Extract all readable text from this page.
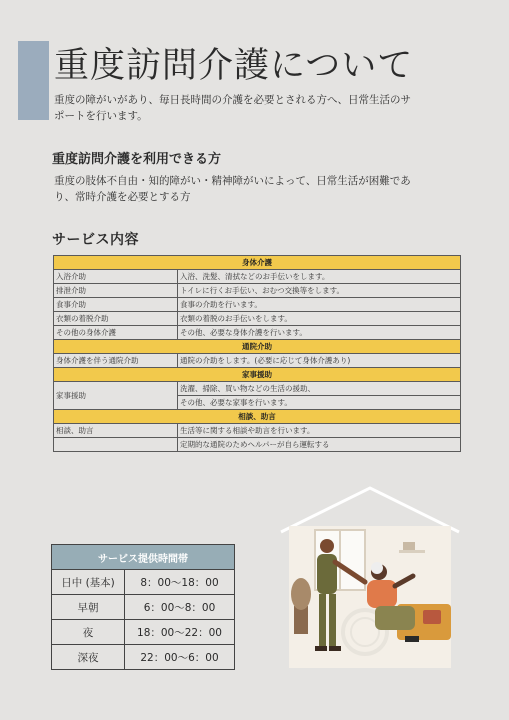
重度訪問介護について

重度の障がいがあり、毎日長時間の介護を必要とされる方へ、日常生活のサポートを行います。

重度訪問介護を利用できる方

重度の肢体不自由・知的障がい・精神障がいによって、日常生活が困難であり、常時介護を必要とする方

サービス内容
身体介護	
入浴介助	入浴、洗髪、清拭などのお手伝いをします。
排泄介助	トイレに行くお手伝い、おむつ交換等をします。
食事介助	食事の介助を行います。
衣類の着脱介助	衣類の着脱のお手伝いをします。
その他の身体介護	その他、必要な身体介護を行います。
通院介助	
身体介護を伴う通院介助	通院の介助をします。(必要に応じて身体介護あり)
家事援助	
家事援助	洗濯、掃除、買い物などの生活の援助、
	その他、必要な家事を行います。
相談、助言	
相談、助言	生活等に関する相談や助言を行います。
	定期的な通院のためヘルパーが自ら運転する
サービス提供時間帯	
日中 (基本)	8：00〜18：00
早朝	6：00〜8：00
夜	18：00〜22：00
深夜	22：00〜6：00
